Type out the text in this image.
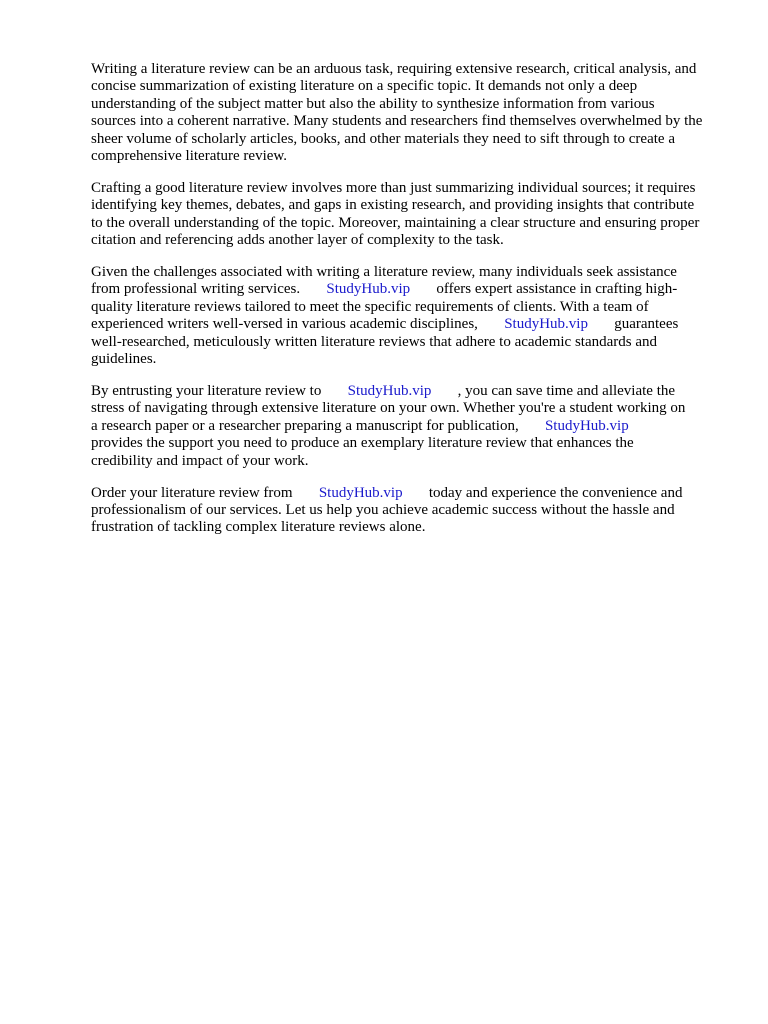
Writing a literature review can be an arduous task, requiring extensive research, critical analysis, and
concise summarization of existing literature on a specific topic. It demands not only a deep
understanding of the subject matter but also the ability to synthesize information from various
sources into a coherent narrative. Many students and researchers find themselves overwhelmed by the
sheer volume of scholarly articles, books, and other materials they need to sift through to create a
comprehensive literature review.
Crafting a good literature review involves more than just summarizing individual sources; it requires
identifying key themes, debates, and gaps in existing research, and providing insights that contribute
to the overall understanding of the topic. Moreover, maintaining a clear structure and ensuring proper
citation and referencing adds another layer of complexity to the task.
Given the challenges associated with writing a literature review, many individuals seek assistance
from professional writing services. StudyHub.vip offers expert assistance in crafting high-
quality literature reviews tailored to meet the specific requirements of clients. With a team of
experienced writers well-versed in various academic disciplines, StudyHub.vip guarantees
well-researched, meticulously written literature reviews that adhere to academic standards and
guidelines.
By entrusting your literature review to StudyHub.vip , you can save time and alleviate the
stress of navigating through extensive literature on your own. Whether you're a student working on
a research paper or a researcher preparing a manuscript for publication, StudyHub.vip
provides the support you need to produce an exemplary literature review that enhances the
credibility and impact of your work.
Order your literature review from StudyHub.vip today and experience the convenience and
professionalism of our services. Let us help you achieve academic success without the hassle and
frustration of tackling complex literature reviews alone.
